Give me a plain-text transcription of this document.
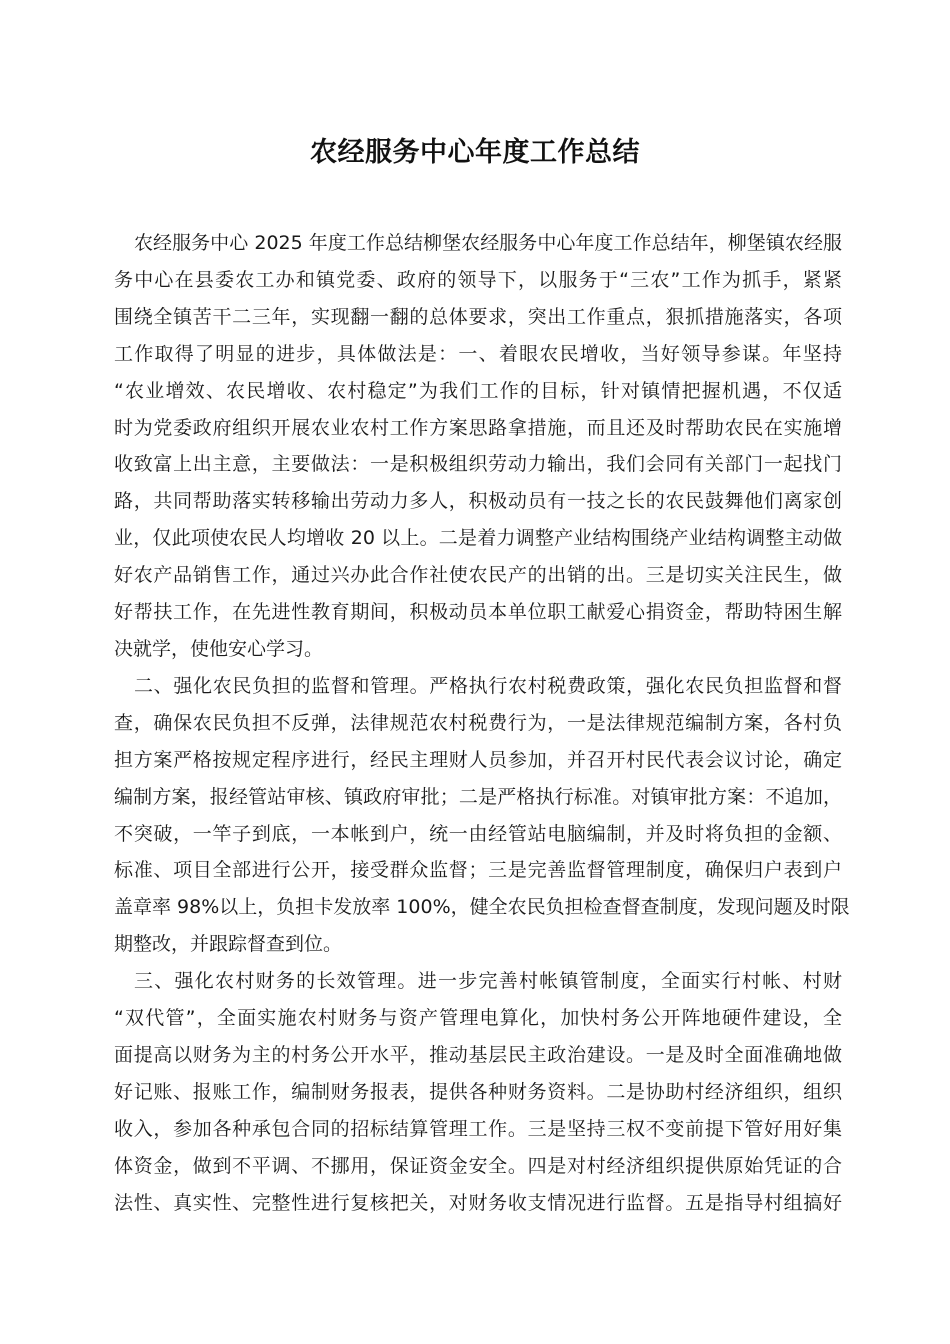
农经服务中心年度工作总结
农经服务中心 2025 年度工作总结柳堡农经服务中心年度工作总结年，柳堡镇农经服
务中心在县委农工办和镇党委、政府的领导下，以服务于“三农”工作为抓手，紧紧
围绕全镇苦干二三年，实现翻一翻的总体要求，突出工作重点，狠抓措施落实，各项
工作取得了明显的进步，具体做法是：一、着眼农民增收，当好领导参谋。年坚持
“农业增效、农民增收、农村稳定”为我们工作的目标，针对镇情把握机遇，不仅适
时为党委政府组织开展农业农村工作方案思路拿措施，而且还及时帮助农民在实施增
收致富上出主意，主要做法：一是积极组织劳动力输出，我们会同有关部门一起找门
路，共同帮助落实转移输出劳动力多人，积极动员有一技之长的农民鼓舞他们离家创
业，仅此项使农民人均增收 20 以上。二是着力调整产业结构围绕产业结构调整主动做
好农产品销售工作，通过兴办此合作社使农民产的出销的出。三是切实关注民生，做
好帮扶工作，在先进性教育期间，积极动员本单位职工献爱心捐资金，帮助特困生解
决就学，使他安心学习。
二、强化农民负担的监督和管理。严格执行农村税费政策，强化农民负担监督和督
查，确保农民负担不反弹，法律规范农村税费行为，一是法律规范编制方案，各村负
担方案严格按规定程序进行，经民主理财人员参加，并召开村民代表会议讨论，确定
编制方案，报经管站审核、镇政府审批；二是严格执行标准。对镇审批方案：不追加，
不突破，一竿子到底，一本帐到户，统一由经管站电脑编制，并及时将负担的金额、
标准、项目全部进行公开，接受群众监督；三是完善监督管理制度，确保归户表到户
盖章率 98%以上，负担卡发放率 100%，健全农民负担检查督查制度，发现问题及时限
期整改，并跟踪督查到位。
三、强化农村财务的长效管理。进一步完善村帐镇管制度，全面实行村帐、村财
“双代管”，全面实施农村财务与资产管理电算化，加快村务公开阵地硬件建设，全
面提高以财务为主的村务公开水平，推动基层民主政治建设。一是及时全面准确地做
好记账、报账工作，编制财务报表，提供各种财务资料。二是协助村经济组织，组织
收入，参加各种承包合同的招标结算管理工作。三是坚持三权不变前提下管好用好集
体资金，做到不平调、不挪用，保证资金安全。四是对村经济组织提供原始凭证的合
法性、真实性、完整性进行复核把关，对财务收支情况进行监督。五是指导村组搞好
